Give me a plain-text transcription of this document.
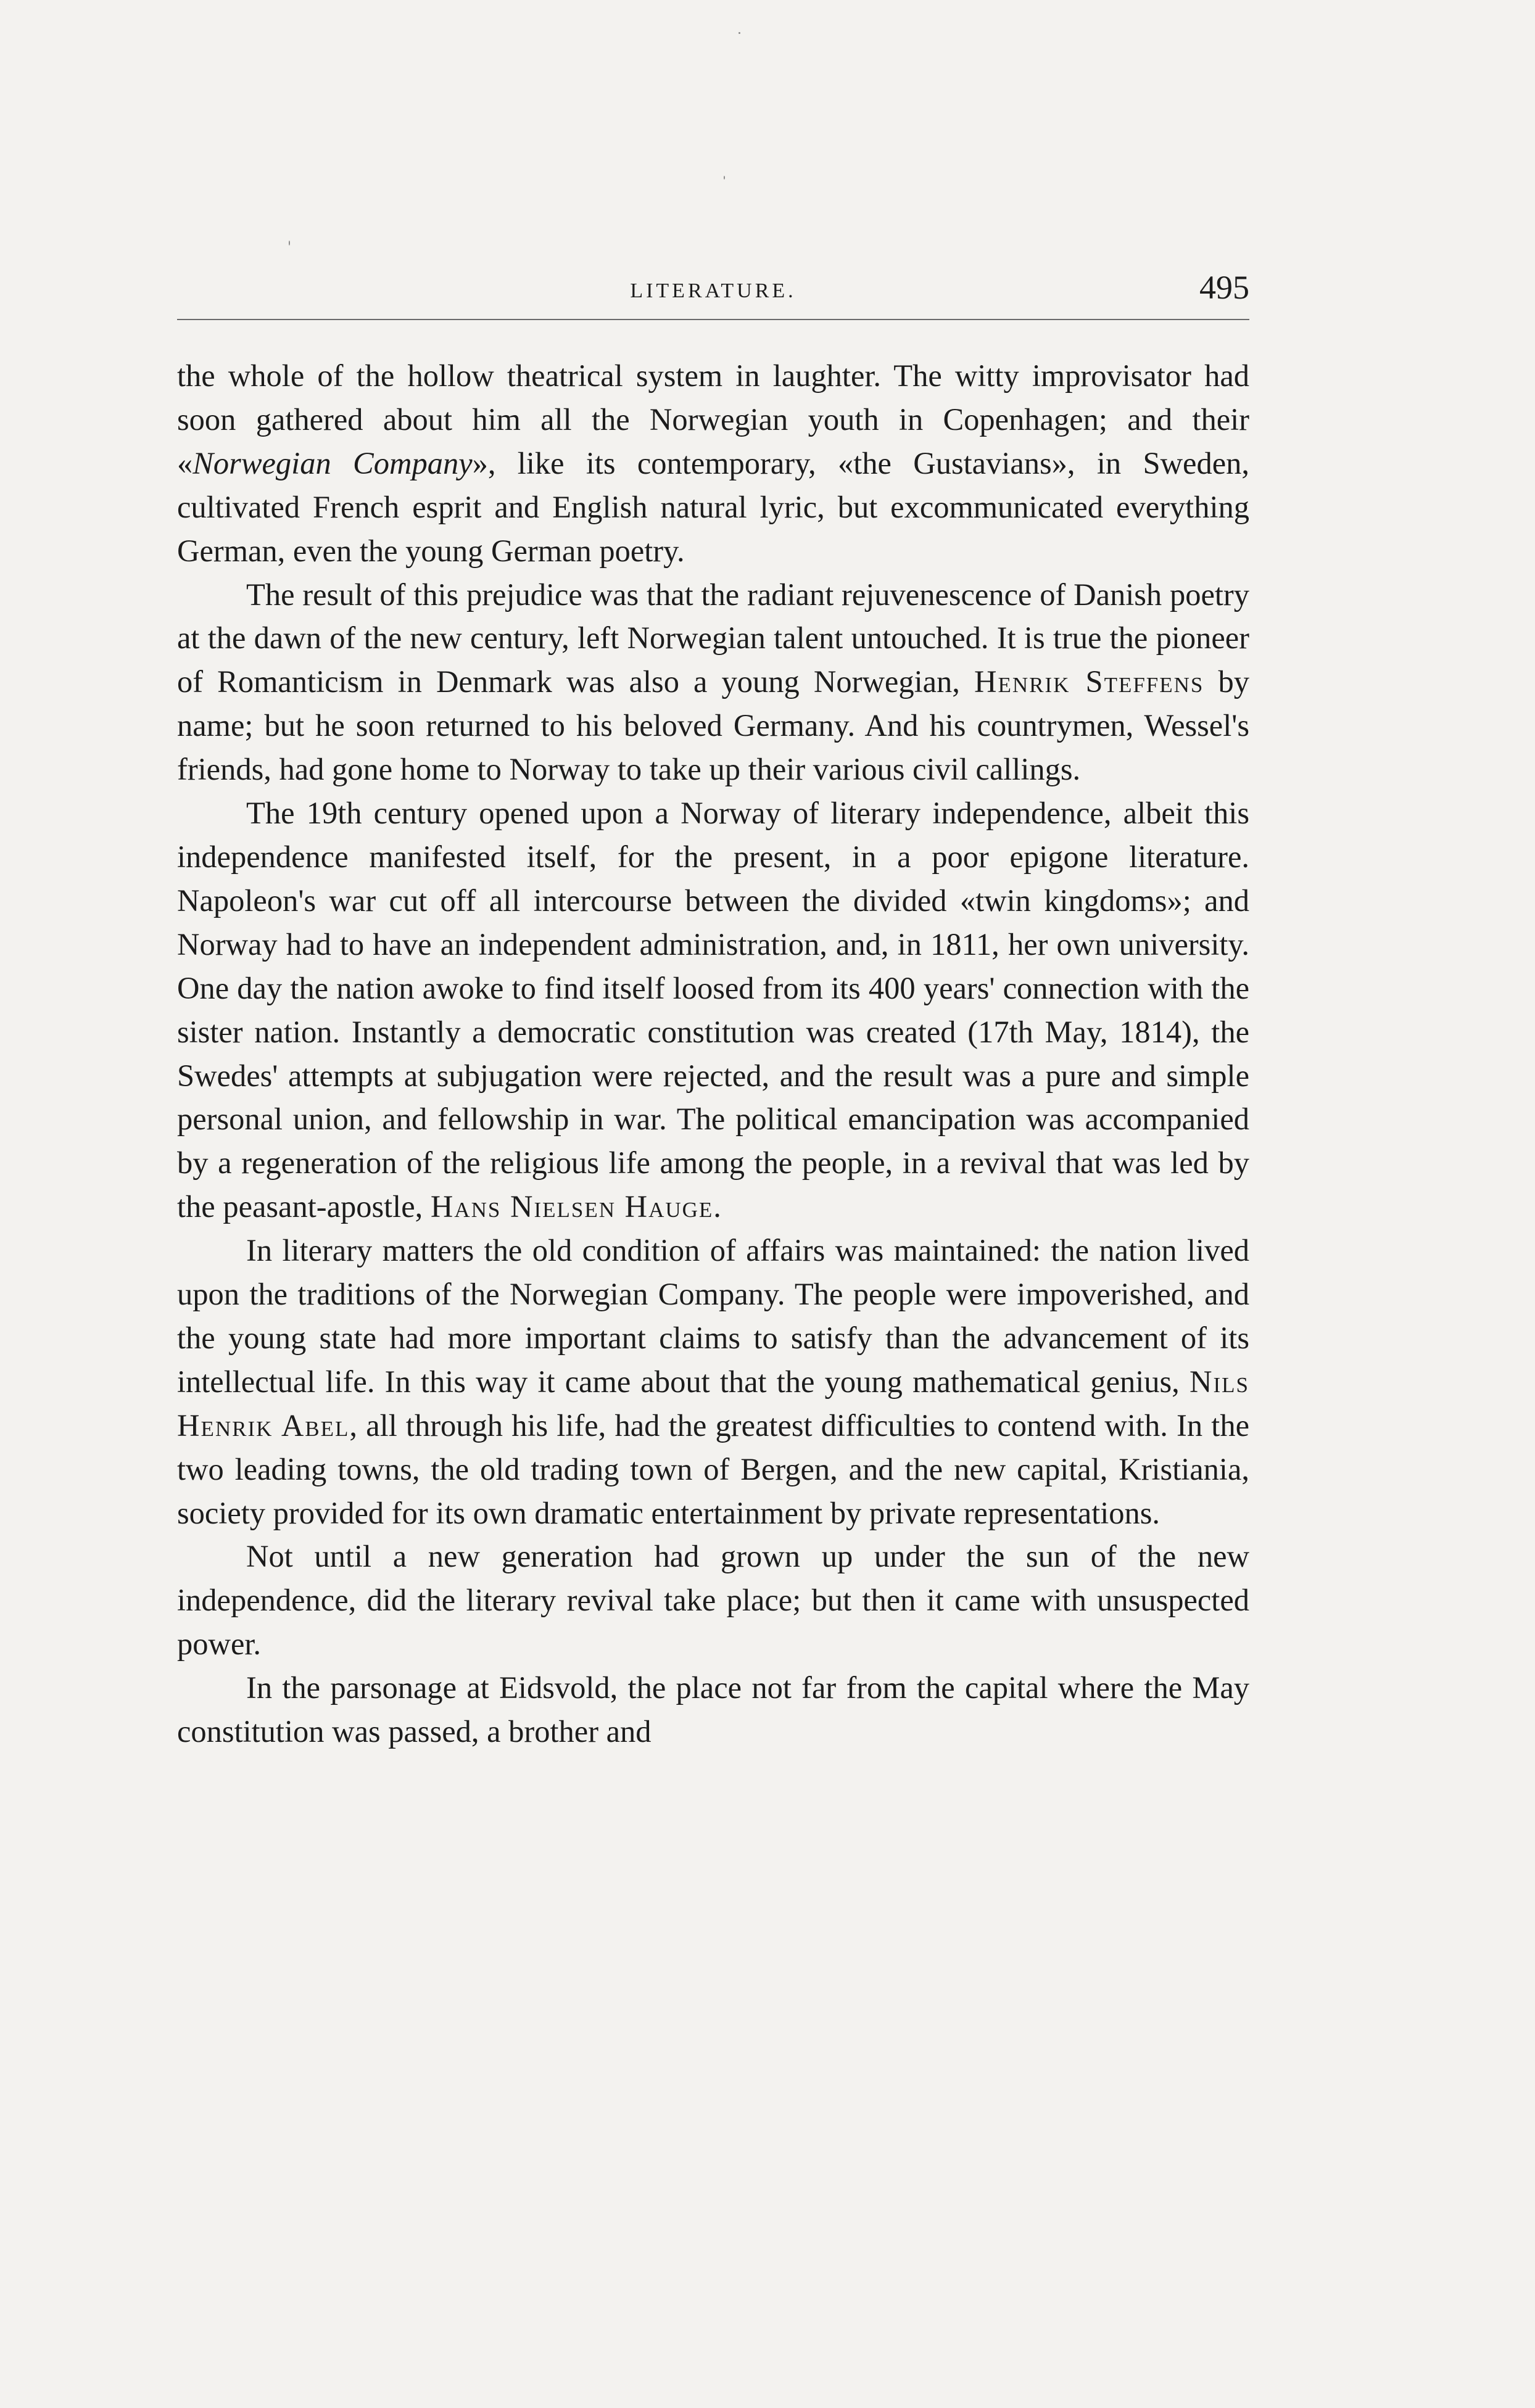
LITERATURE.	495

the whole of the hollow theatrical system in laughter. The witty improvisator had soon gathered about him all the Norwegian youth in Copenhagen; and their «Norwegian Company», like its contemporary, «the Gustavians», in Sweden, cultivated French esprit and English natural lyric, but excommunicated everything German, even the young German poetry.

The result of this prejudice was that the radiant rejuvenescence of Danish poetry at the dawn of the new century, left Norwegian talent untouched. It is true the pioneer of Romanticism in Denmark was also a young Norwegian, Henrik Steffens by name; but he soon returned to his beloved Germany. And his countrymen, Wessel's friends, had gone home to Norway to take up their various civil callings.

The 19th century opened upon a Norway of literary independence, albeit this independence manifested itself, for the present, in a poor epigone literature. Napoleon's war cut off all intercourse between the divided «twin kingdoms»; and Norway had to have an independent administration, and, in 1811, her own university. One day the nation awoke to find itself loosed from its 400 years' connection with the sister nation. Instantly a democratic constitution was created (17th May, 1814), the Swedes' attempts at subjugation were rejected, and the result was a pure and simple personal union, and fellowship in war. The political emancipation was accompanied by a regeneration of the religious life among the people, in a revival that was led by the peasant-apostle, Hans Nielsen Hauge.

In literary matters the old condition of affairs was maintained: the nation lived upon the traditions of the Norwegian Company. The people were impoverished, and the young state had more important claims to satisfy than the advancement of its intellectual life. In this way it came about that the young mathematical genius, Nils Henrik Abel, all through his life, had the greatest difficulties to contend with. In the two leading towns, the old trading town of Bergen, and the new capital, Kristiania, society provided for its own dramatic entertainment by private representations.

Not until a new generation had grown up under the sun of the new independence, did the literary revival take place; but then it came with unsuspected power.

In the parsonage at Eidsvold, the place not far from the capital where the May constitution was passed, a brother and
